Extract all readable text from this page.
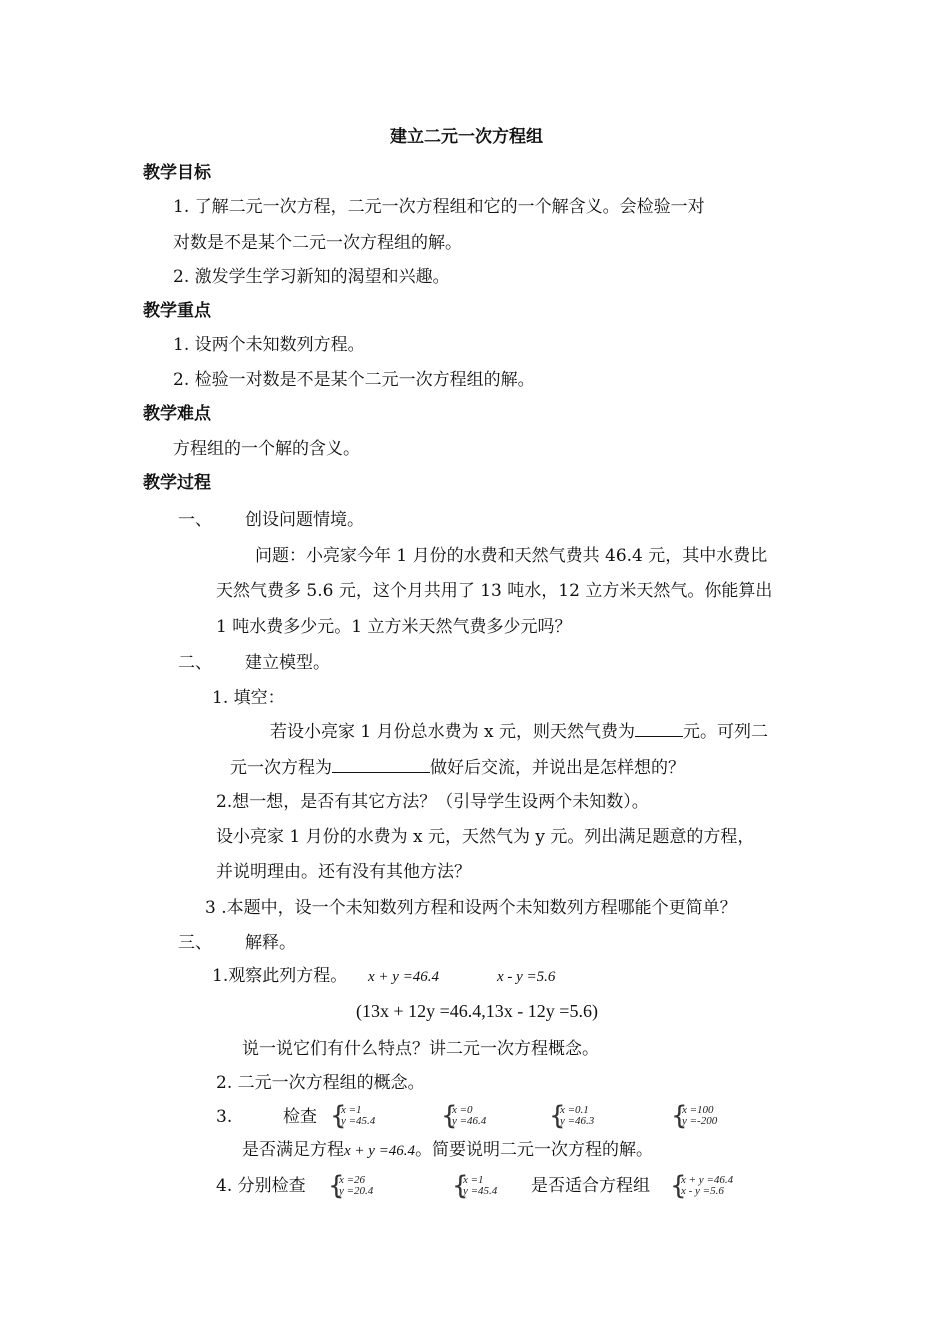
建立二元一次方程组
教学目标
1. 了解二元一次方程，二元一次方程组和它的一个解含义。会检验一对
对数是不是某个二元一次方程组的解。
2. 激发学生学习新知的渴望和兴趣。
教学重点
1. 设两个未知数列方程。
2. 检验一对数是不是某个二元一次方程组的解。
教学难点
方程组的一个解的含义。
教学过程
一、 创设问题情境。
问题：小亮家今年 1 月份的水费和天然气费共 46.4 元，其中水费比
天然气费多 5.6 元，这个月共用了 13 吨水，12 立方米天然气。你能算出
1 吨水费多少元。1 立方米天然气费多少元吗？
二、 建立模型。
1. 填空：
若设小亮家 1 月份总水费为 x 元，则天然气费为	元。可列二
元一次方程为	做好后交流，并说出是怎样想的？
2.想一想，是否有其它方法？（引导学生设两个未知数）。
设小亮家 1 月份的水费为 x 元，天然气为 y 元。列出满足题意的方程，
并说明理由。还有没有其他方法？
3 .本题中，设一个未知数列方程和设两个未知数列方程哪能个更简单？
三、 解释。
1.观察此列方程。 x + y =46.4	x - y =5.6
(13x + 12y =46.4,13x - 12y =5.6)
说一说它们有什么特点？讲二元一次方程概念。
2. 二元一次方程组的概念。
3.	检查 {
x =1
y =45.4	{
x =0
y =46.4 {
x =0.1
y =46.3	{
x =100
y =-200
是否满足方程x + y =46.4。简要说明二元一次方程的解。
4. 分别检查 {
x =26
y =20.4	{
x =1
y =45.4 是否适合方程组 {
x + y =46.4
x - y =5.6
